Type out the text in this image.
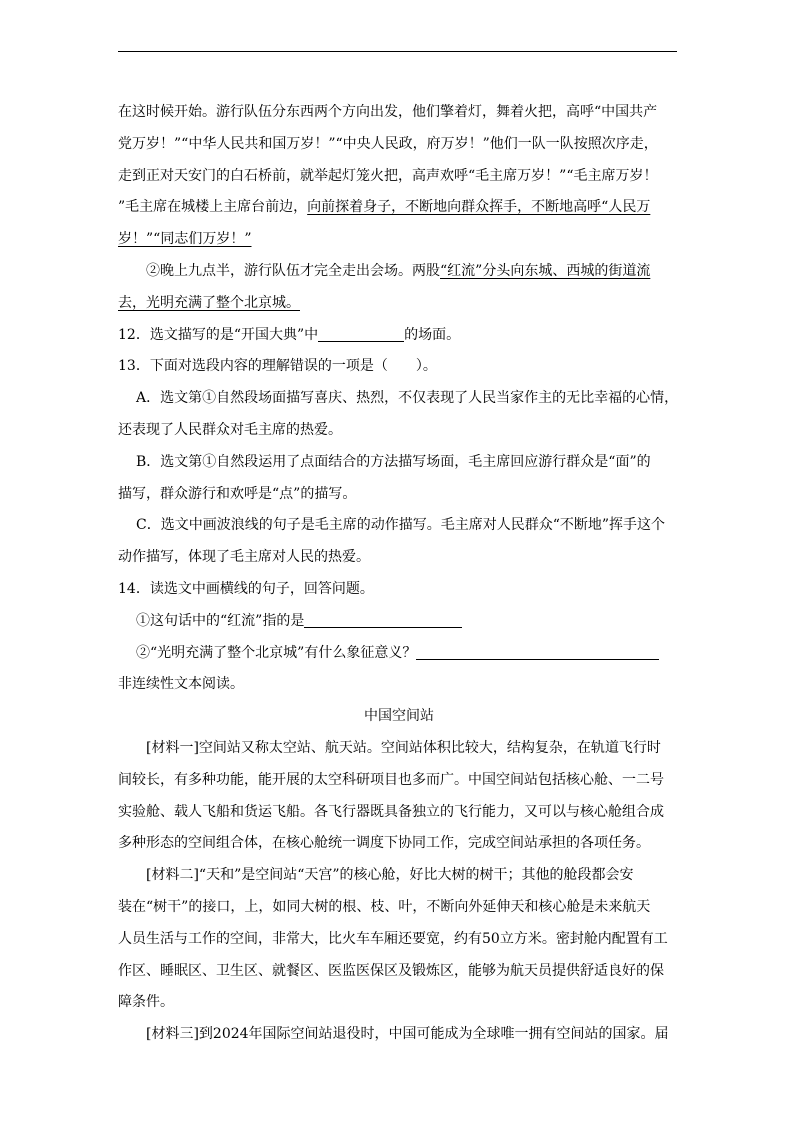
在这时候开始。游行队伍分东西两个方向出发，他们擎着灯，舞着火把，高呼“中国共产

党万岁！”“中华人民共和国万岁！”“中央人民政，府万岁！”他们一队一队按照次序走，

走到正对天安门的白石桥前，就举起灯笼火把，高声欢呼“毛主席万岁！”“毛主席万岁！

”毛主席在城楼上主席台前边，向前探着身子，不断地向群众挥手，不断地高呼“人民万

岁！”“同志们万岁！”

②晚上九点半，游行队伍才完全走出会场。两股“红流”分头向东城、西城的街道流

去，光明充满了整个北京城。

12．选文描写的是“开国大典”中	的场面。

13．下面对选段内容的理解错误的一项是（　　）。

A．选文第①自然段场面描写喜庆、热烈，不仅表现了人民当家作主的无比幸福的心情，

还表现了人民群众对毛主席的热爱。

B．选文第①自然段运用了点面结合的方法描写场面，毛主席回应游行群众是“面”的

描写，群众游行和欢呼是“点”的描写。

C．选文中画波浪线的句子是毛主席的动作描写。毛主席对人民群众“不断地”挥手这个

动作描写，体现了毛主席对人民的热爱。

14．读选文中画横线的句子，回答问题。

①这句话中的“红流”指的是

②“光明充满了整个北京城”有什么象征意义？

非连续性文本阅读。

中国空间站

[材料一]空间站又称太空站、航天站。空间站体积比较大，结构复杂，在轨道飞行时

间较长，有多种功能，能开展的太空科研项目也多而广。中国空间站包括核心舱、一二号

实验舱、载人飞船和货运飞船。各飞行器既具备独立的飞行能力，又可以与核心舱组合成

多种形态的空间组合体，在核心舱统一调度下协同工作，完成空间站承担的各项任务。

[材料二]“天和”是空间站“天宫”的核心舱，好比大树的树干；其他的舱段都会安

装在“树干”的接口，上，如同大树的根、枝、叶，不断向外延伸天和核心舱是未来航天

人员生活与工作的空间，非常大，比火车车厢还要宽，约有50立方米。密封舱内配置有工

作区、睡眠区、卫生区、就餐区、医监医保区及锻炼区，能够为航天员提供舒适良好的保

障条件。

[材料三]到2024年国际空间站退役时，中国可能成为全球唯一拥有空间站的国家。届
